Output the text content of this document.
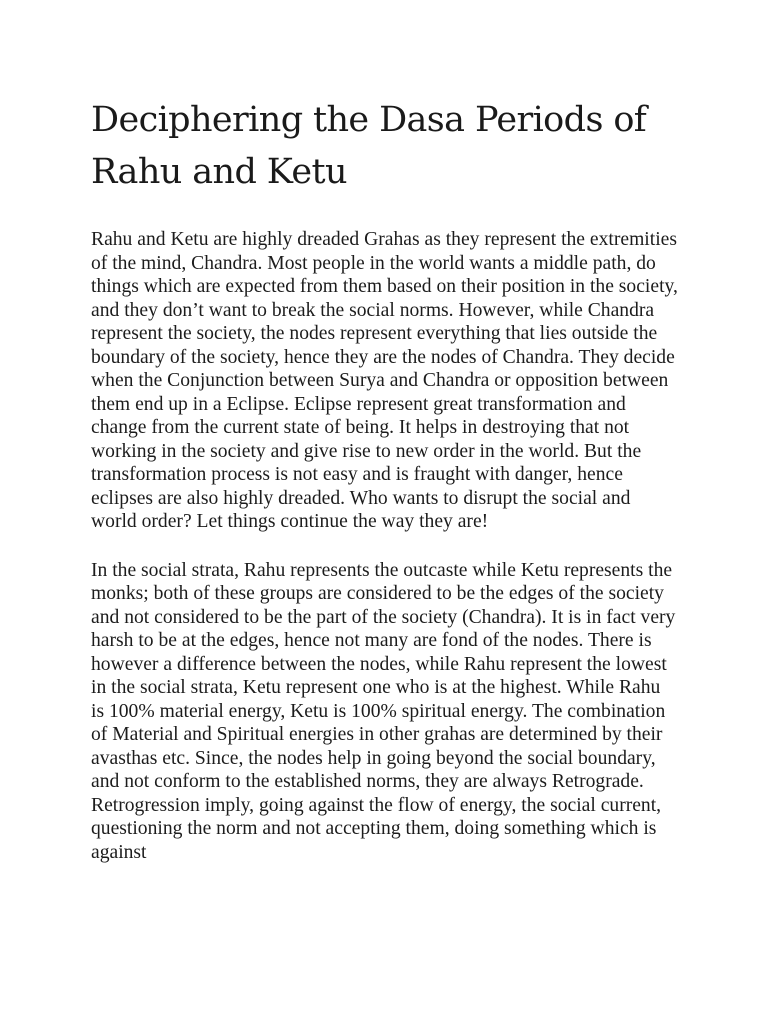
Deciphering the Dasa Periods of Rahu and Ketu

Rahu and Ketu are highly dreaded Grahas as they represent the extremities of the mind, Chandra. Most people in the world wants a middle path, do things which are expected from them based on their position in the society, and they don’t want to break the social norms. However, while Chandra represent the society, the nodes represent everything that lies outside the boundary of the society, hence they are the nodes of Chandra. They decide when the Conjunction between Surya and Chandra or opposition between them end up in a Eclipse. Eclipse represent great transformation and change from the current state of being. It helps in destroying that not working in the society and give rise to new order in the world. But the transformation process is not easy and is fraught with danger, hence eclipses are also highly dreaded. Who wants to disrupt the social and world order? Let things continue the way they are!

In the social strata, Rahu represents the outcaste while Ketu represents the monks; both of these groups are considered to be the edges of the society and not considered to be the part of the society (Chandra). It is in fact very harsh to be at the edges, hence not many are fond of the nodes. There is however a difference between the nodes, while Rahu represent the lowest in the social strata, Ketu represent one who is at the highest. While Rahu is 100% material energy, Ketu is 100% spiritual energy. The combination of Material and Spiritual energies in other grahas are determined by their avasthas etc. Since, the nodes help in going beyond the social boundary, and not conform to the established norms, they are always Retrograde. Retrogression imply, going against the flow of energy, the social current, questioning the norm and not accepting them, doing something which is against
